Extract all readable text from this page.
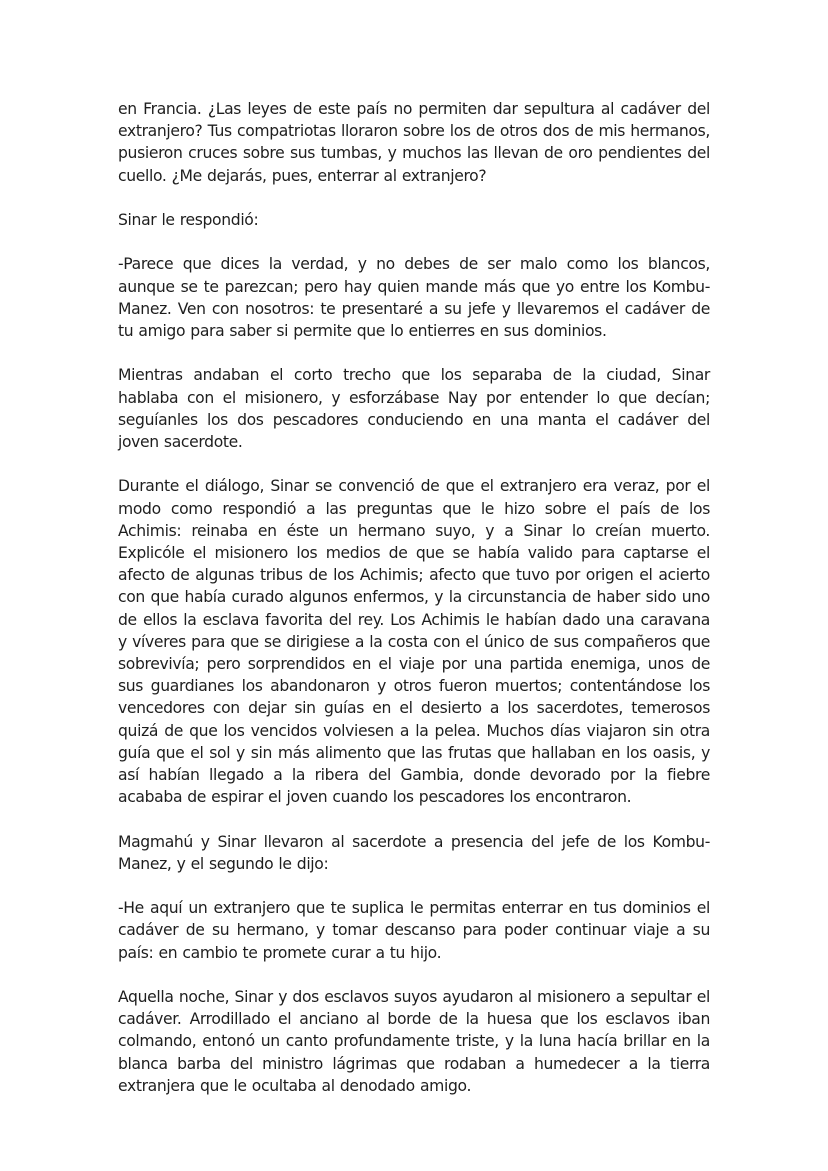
en Francia. ¿Las leyes de este país no permiten dar sepultura al cadáver del extranjero? Tus compatriotas lloraron sobre los de otros dos de mis hermanos, pusieron cruces sobre sus tumbas, y muchos las llevan de oro pendientes del cuello. ¿Me dejarás, pues, enterrar al extranjero?

Sinar le respondió:

-Parece que dices la verdad, y no debes de ser malo como los blancos, aunque se te parezcan; pero hay quien mande más que yo entre los Kombu-Manez. Ven con nosotros: te presentaré a su jefe y llevaremos el cadáver de tu amigo para saber si permite que lo entierres en sus dominios.

Mientras andaban el corto trecho que los separaba de la ciudad, Sinar hablaba con el misionero, y esforzábase Nay por entender lo que decían; seguíanles los dos pescadores conduciendo en una manta el cadáver del joven sacerdote.

Durante el diálogo, Sinar se convenció de que el extranjero era veraz, por el modo como respondió a las preguntas que le hizo sobre el país de los Achimis: reinaba en éste un hermano suyo, y a Sinar lo creían muerto. Explicóle el misionero los medios de que se había valido para captarse el afecto de algunas tribus de los Achimis; afecto que tuvo por origen el acierto con que había curado algunos enfermos, y la circunstancia de haber sido uno de ellos la esclava favorita del rey. Los Achimis le habían dado una caravana y víveres para que se dirigiese a la costa con el único de sus compañeros que sobrevivía; pero sorprendidos en el viaje por una partida enemiga, unos de sus guardianes los abandonaron y otros fueron muertos; contentándose los vencedores con dejar sin guías en el desierto a los sacerdotes, temerosos quizá de que los vencidos volviesen a la pelea. Muchos días viajaron sin otra guía que el sol y sin más alimento que las frutas que hallaban en los oasis, y así habían llegado a la ribera del Gambia, donde devorado por la fiebre acababa de espirar el joven cuando los pescadores los encontraron.

Magmahú y Sinar llevaron al sacerdote a presencia del jefe de los Kombu-Manez, y el segundo le dijo:

-He aquí un extranjero que te suplica le permitas enterrar en tus dominios el cadáver de su hermano, y tomar descanso para poder continuar viaje a su país: en cambio te promete curar a tu hijo.

Aquella noche, Sinar y dos esclavos suyos ayudaron al misionero a sepultar el cadáver. Arrodillado el anciano al borde de la huesa que los esclavos iban colmando, entonó un canto profundamente triste, y la luna hacía brillar en la blanca barba del ministro lágrimas que rodaban a humedecer a la tierra extranjera que le ocultaba al denodado amigo.
